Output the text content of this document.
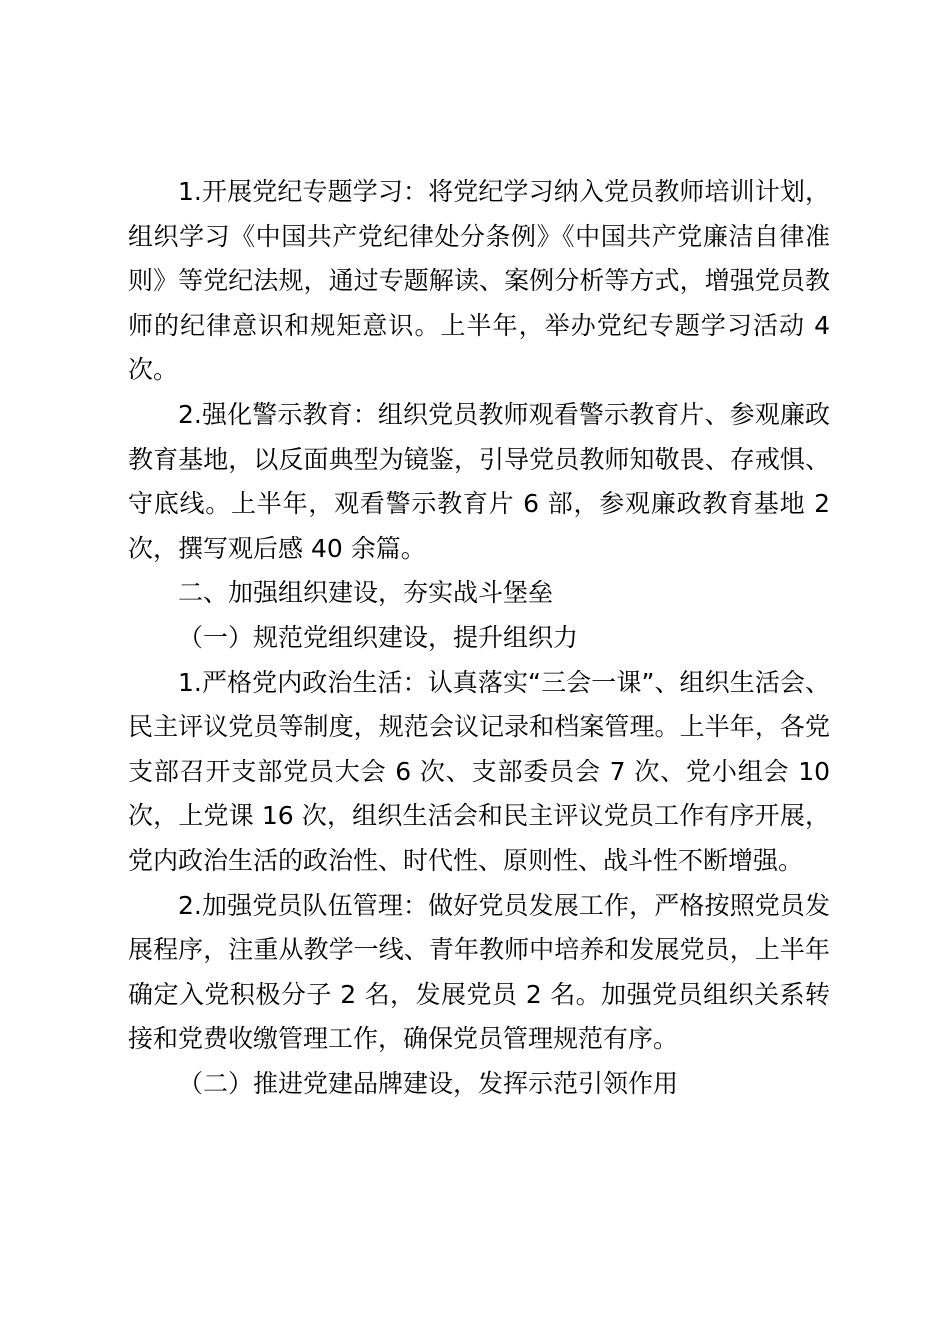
1.开展党纪专题学习：将党纪学习纳入党员教师培训计划，组织学习《中国共产党纪律处分条例》《中国共产党廉洁自律准则》等党纪法规，通过专题解读、案例分析等方式，增强党员教师的纪律意识和规矩意识。上半年，举办党纪专题学习活动 4 次。

2.强化警示教育：组织党员教师观看警示教育片、参观廉政教育基地，以反面典型为镜鉴，引导党员教师知敬畏、存戒惧、守底线。上半年，观看警示教育片 6 部，参观廉政教育基地 2 次，撰写观后感 40 余篇。

二、加强组织建设，夯实战斗堡垒

（一）规范党组织建设，提升组织力

1.严格党内政治生活：认真落实“三会一课”、组织生活会、民主评议党员等制度，规范会议记录和档案管理。上半年，各党支部召开支部党员大会 6 次、支部委员会 7 次、党小组会 10 次，上党课 16 次，组织生活会和民主评议党员工作有序开展，党内政治生活的政治性、时代性、原则性、战斗性不断增强。

2.加强党员队伍管理：做好党员发展工作，严格按照党员发展程序，注重从教学一线、青年教师中培养和发展党员，上半年确定入党积极分子 2 名，发展党员 2 名。加强党员组织关系转接和党费收缴管理工作，确保党员管理规范有序。

（二）推进党建品牌建设，发挥示范引领作用
